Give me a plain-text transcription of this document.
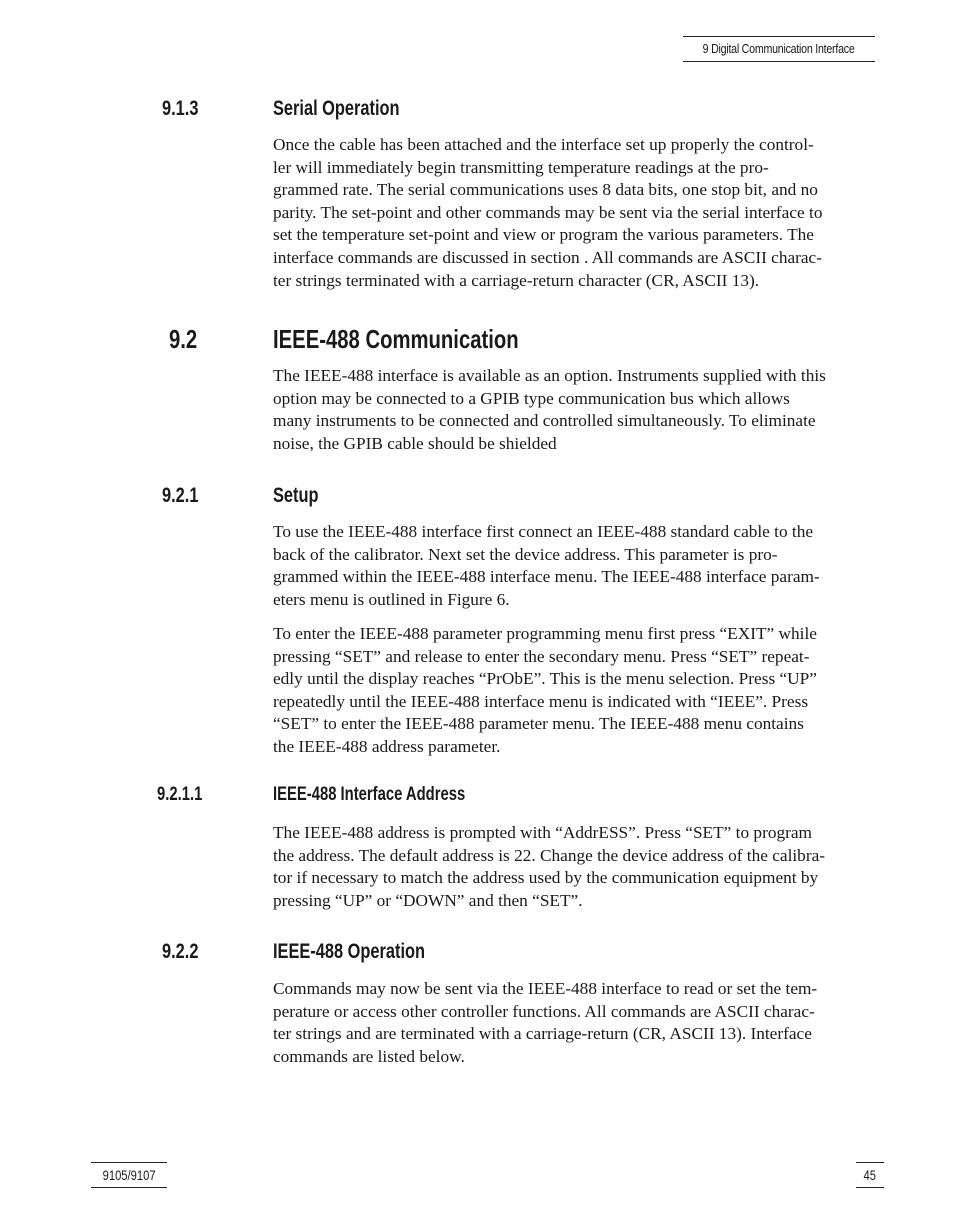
9 Digital Communication Interface
9.1.3	Serial Operation
Once the cable has been attached and the interface set up properly the control-
ler will immediately begin transmitting temperature readings at the pro-
grammed rate. The serial communications uses 8 data bits, one stop bit, and no
parity. The set-point and other commands may be sent via the serial interface to
set the temperature set-point and view or program the various parameters. The
interface commands are discussed in section . All commands are ASCII charac-
ter strings terminated with a carriage-return character (CR, ASCII 13).
9.2	IEEE-488 Communication
The IEEE-488 interface is available as an option. Instruments supplied with this
option may be connected to a GPIB type communication bus which allows
many instruments to be connected and controlled simultaneously. To eliminate
noise, the GPIB cable should be shielded
9.2.1	Setup
To use the IEEE-488 interface first connect an IEEE-488 standard cable to the
back of the calibrator. Next set the device address. This parameter is pro-
grammed within the IEEE-488 interface menu. The IEEE-488 interface param-
eters menu is outlined in Figure 6.
To enter the IEEE-488 parameter programming menu first press “EXIT” while
pressing “SET” and release to enter the secondary menu. Press “SET” repeat-
edly until the display reaches “PrObE”. This is the menu selection. Press “UP”
repeatedly until the IEEE-488 interface menu is indicated with “IEEE”. Press
“SET” to enter the IEEE-488 parameter menu. The IEEE-488 menu contains
the IEEE-488 address parameter.
9.2.1.1	IEEE-488 Interface Address
The IEEE-488 address is prompted with “AddrESS”. Press “SET” to program
the address. The default address is 22. Change the device address of the calibra-
tor if necessary to match the address used by the communication equipment by
pressing “UP” or “DOWN” and then “SET”.
9.2.2	IEEE-488 Operation
Commands may now be sent via the IEEE-488 interface to read or set the tem-
perature or access other controller functions. All commands are ASCII charac-
ter strings and are terminated with a carriage-return (CR, ASCII 13). Interface
commands are listed below.
9105/9107	45
